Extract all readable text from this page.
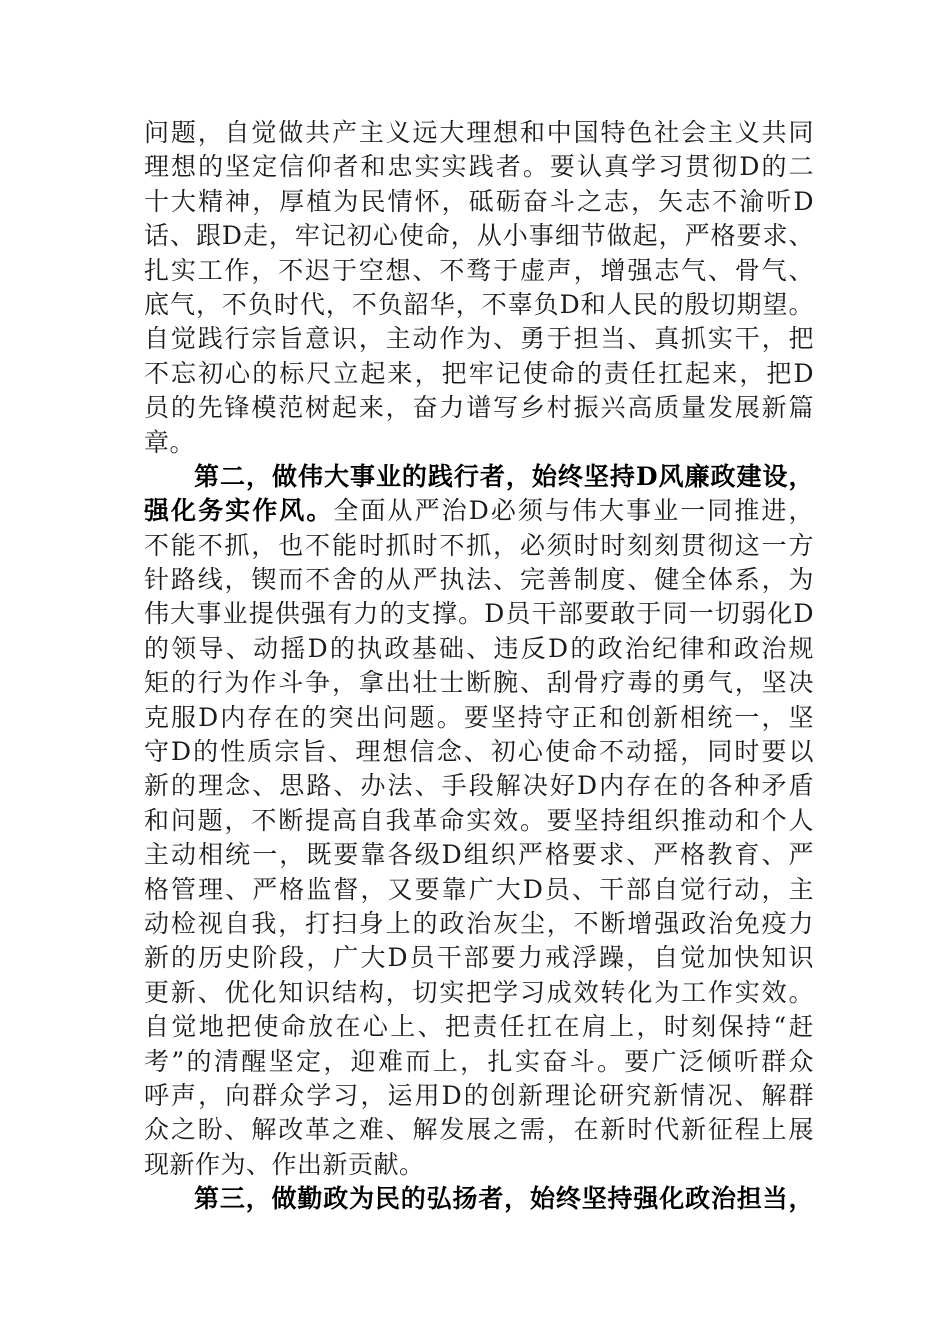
问题，自觉做共产主义远大理想和中国特色社会主义共同
理想的坚定信仰者和忠实实践者。要认真学习贯彻D的二
十大精神，厚植为民情怀，砥砺奋斗之志，矢志不渝听D
话、跟D走，牢记初心使命，从小事细节做起，严格要求、
扎实工作，不迟于空想、不骛于虚声，增强志气、骨气、
底气，不负时代，不负韶华，不辜负D和人民的殷切期望。
自觉践行宗旨意识，主动作为、勇于担当、真抓实干，把
不忘初心的标尺立起来，把牢记使命的责任扛起来，把D
员的先锋模范树起来，奋力谱写乡村振兴高质量发展新篇
章。
第二，做伟大事业的践行者，始终坚持D风廉政建设，
强化务实作风。全面从严治D必须与伟大事业一同推进，
不能不抓，也不能时抓时不抓，必须时时刻刻贯彻这一方
针路线，锲而不舍的从严执法、完善制度、健全体系，为
伟大事业提供强有力的支撑。D员干部要敢于同一切弱化D
的领导、动摇D的执政基础、违反D的政治纪律和政治规
矩的行为作斗争，拿出壮士断腕、刮骨疗毒的勇气，坚决
克服D内存在的突出问题。要坚持守正和创新相统一，坚
守D的性质宗旨、理想信念、初心使命不动摇，同时要以
新的理念、思路、办法、手段解决好D内存在的各种矛盾
和问题，不断提高自我革命实效。要坚持组织推动和个人
主动相统一，既要靠各级D组织严格要求、严格教育、严
格管理、严格监督，又要靠广大D员、干部自觉行动，主
动检视自我，打扫身上的政治灰尘，不断增强政治免疫力
新的历史阶段，广大D员干部要力戒浮躁，自觉加快知识
更新、优化知识结构，切实把学习成效转化为工作实效。
自觉地把使命放在心上、把责任扛在肩上，时刻保持“赶
考”的清醒坚定，迎难而上，扎实奋斗。要广泛倾听群众
呼声，向群众学习，运用D的创新理论研究新情况、解群
众之盼、解改革之难、解发展之需，在新时代新征程上展
现新作为、作出新贡献。
第三，做勤政为民的弘扬者，始终坚持强化政治担当，
